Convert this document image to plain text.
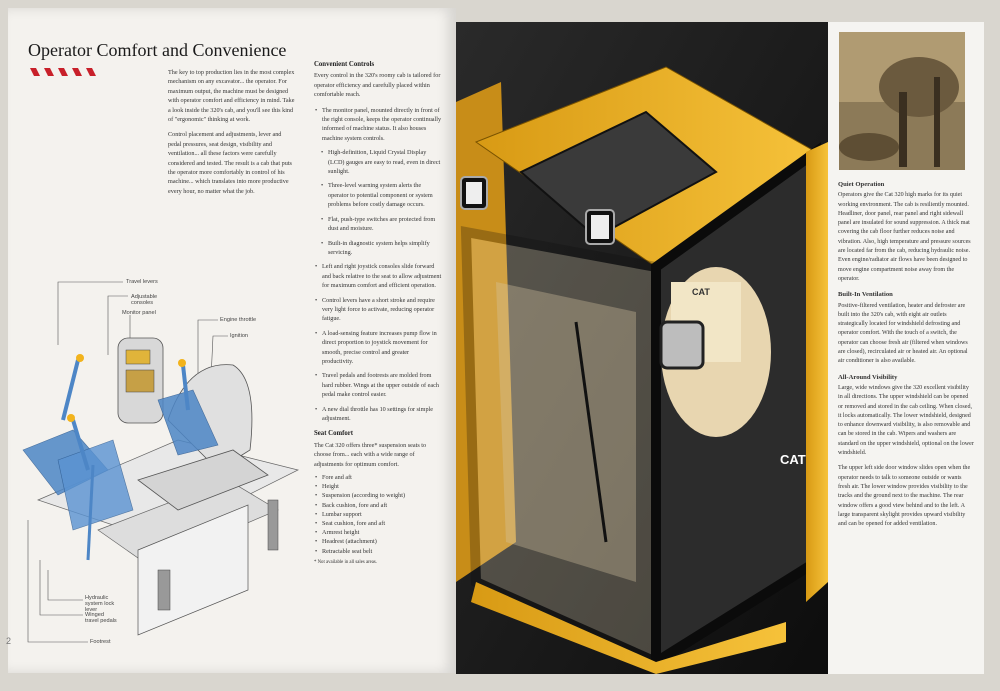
Operator Comfort and Convenience

The key to top production lies in the most complex mechanism on any excavator... the operator. For maximum output, the machine must be designed with operator comfort and efficiency in mind. Take a look inside the 320's cab, and you'll see this kind of "ergonomic" thinking at work.

Control placement and adjustments, lever and pedal pressures, seat design, visibility and ventilation... all these factors were carefully considered and tested. The result is a cab that puts the operator more comfortably in control of his machine... which translates into more productive every hour, no matter what the job.

Convenient Controls

Every control in the 320's roomy cab is tailored for operator efficiency and carefully placed within comfortable reach.

• The monitor panel, mounted directly in front of the right console, keeps the operator continually informed of machine status. It also houses machine system controls.
• High-definition, Liquid Crystal Display (LCD) gauges are easy to read, even in direct sunlight.
• Three-level warning system alerts the operator to potential component or system problems before costly damage occurs.
• Flat, push-type switches are protected from dust and moisture.
• Built-in diagnostic system helps simplify servicing.
• Left and right joystick consoles slide forward and back relative to the seat to allow adjustment for maximum comfort and efficient operation.
• Control levers have a short stroke and require very light force to activate, reducing operator fatigue.
• A load-sensing feature increases pump flow in direct proportion to joystick movement for smooth, precise control and greater productivity.
• Travel pedals and footrests are molded from hard rubber. Wings at the upper outside of each pedal make control easier.
• A new dial throttle has 10 settings for simple adjustment.
Seat Comfort

The Cat 320 offers three* suspension seats to choose from... each with a wide range of adjustments for optimum comfort.

• Fore and aft
• Height
• Suspension (according to weight)
• Back cushion, fore and aft
• Lumbar support
• Seat cushion, fore and aft
• Armrest height
• Headrest (attachment)
• Retractable seat belt
* Not available in all sales areas.
Travel levers
Adjustable consoles
Monitor panel
Engine throttle
Ignition
Hydraulic system lock lever
Winged travel pedals
Footrest
2
CAT
CAT
Quiet Operation

Operators give the Cat 320 high marks for its quiet working environment. The cab is resiliently mounted. Headliner, door panel, rear panel and right sidewall panel are insulated for sound suppression. A thick mat covering the cab floor further reduces noise and vibration. Also, high temperature and pressure sources are located far from the cab, reducing hydraulic noise. Even engine/radiator air flows have been designed to move engine compartment noise away from the operator.

Built-In Ventilation

Positive-filtered ventilation, heater and defroster are built into the 320's cab, with eight air outlets strategically located for windshield defrosting and operator comfort. With the touch of a switch, the operator can choose fresh air (filtered when windows are closed), recirculated air or heated air. An optional air conditioner is also available.

All-Around Visibility

Large, wide windows give the 320 excellent visibility in all directions. The upper windshield can be opened or removed and stored in the cab ceiling. When closed, it locks automatically. The lower windshield, designed to enhance downward visibility, is also removable and can be stored in the cab. Wipers and washers are standard on the upper windshield, optional on the lower windshield.

The upper left side door window slides open when the operator needs to talk to someone outside or wants fresh air. The lower window provides visibility to the tracks and the ground next to the machine. The rear window offers a good view behind and to the left. A large transparent skylight provides upward visibility and can be opened for added ventilation.
